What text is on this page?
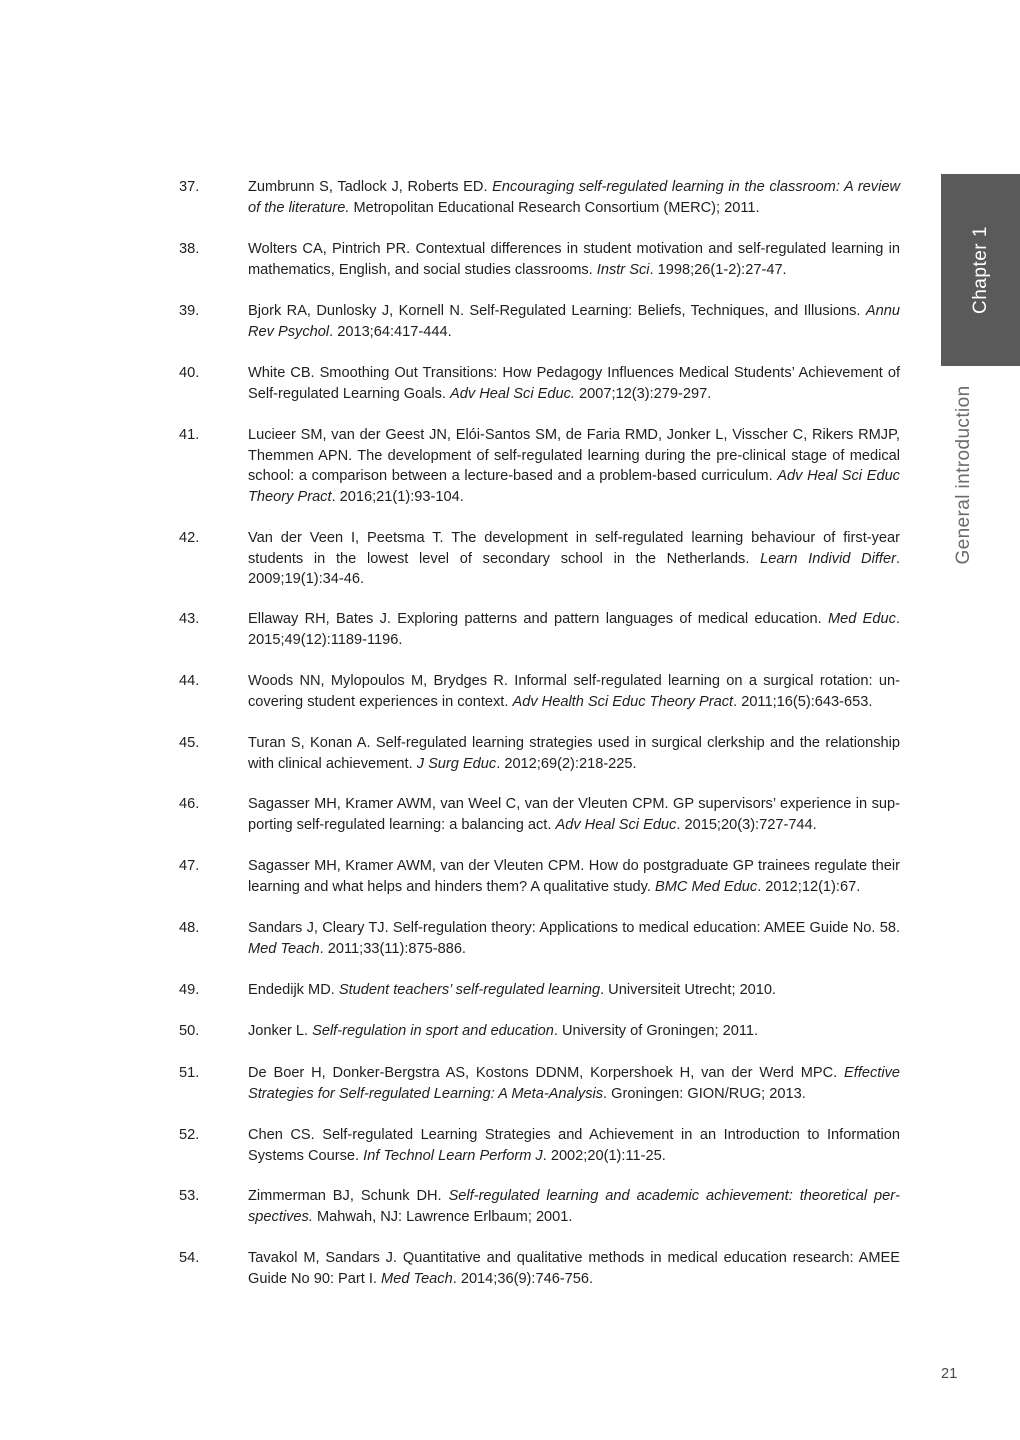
37.	Zumbrunn S, Tadlock J, Roberts ED. Encouraging self-regulated learning in the classroom: A review of the literature. Metropolitan Educational Research Consortium (MERC); 2011.
38.	Wolters CA, Pintrich PR. Contextual differences in student motivation and self-regulated learning in mathematics, English, and social studies classrooms. Instr Sci. 1998;26(1-2):27-47.
39.	Bjork RA, Dunlosky J, Kornell N. Self-Regulated Learning: Beliefs, Techniques, and Illusions. Annu Rev Psychol. 2013;64:417-444.
40.	White CB. Smoothing Out Transitions: How Pedagogy Influences Medical Students’ Achievement of Self-regulated Learning Goals. Adv Heal Sci Educ. 2007;12(3):279-297.
41.	Lucieer SM, van der Geest JN, Elói-Santos SM, de Faria RMD, Jonker L, Visscher C, Rikers RMJP, Themmen APN. The development of self-regulated learning during the pre-clinical stage of medical school: a comparison between a lecture-based and a problem-based curriculum. Adv Heal Sci Educ Theory Pract. 2016;21(1):93-104.
42.	Van der Veen I, Peetsma T. The development in self-regulated learning behaviour of first-year students in the lowest level of secondary school in the Netherlands. Learn Individ Differ. 2009;19(1):34-46.
43.	Ellaway RH, Bates J. Exploring patterns and pattern languages of medical education. Med Educ. 2015;49(12):1189-1196.
44.	Woods NN, Mylopoulos M, Brydges R. Informal self-regulated learning on a surgical rotation: uncovering student experiences in context. Adv Health Sci Educ Theory Pract. 2011;16(5):643-653.
45.	Turan S, Konan A. Self-regulated learning strategies used in surgical clerkship and the relationship with clinical achievement. J Surg Educ. 2012;69(2):218-225.
46.	Sagasser MH, Kramer AWM, van Weel C, van der Vleuten CPM. GP supervisors’ experience in supporting self-regulated learning: a balancing act. Adv Heal Sci Educ. 2015;20(3):727-744.
47.	Sagasser MH, Kramer AWM, van der Vleuten CPM. How do postgraduate GP trainees regulate their learning and what helps and hinders them? A qualitative study. BMC Med Educ. 2012;12(1):67.
48.	Sandars J, Cleary TJ. Self-regulation theory: Applications to medical education: AMEE Guide No. 58. Med Teach. 2011;33(11):875-886.
49.	Endedijk MD. Student teachers’ self-regulated learning. Universiteit Utrecht; 2010.
50.	Jonker L. Self-regulation in sport and education. University of Groningen; 2011.
51.	De Boer H, Donker-Bergstra AS, Kostons DDNM, Korpershoek H, van der Werd MPC. Effective Strategies for Self-regulated Learning: A Meta-Analysis. Groningen: GION/RUG; 2013.
52.	Chen CS. Self-regulated Learning Strategies and Achievement in an Introduction to Information Systems Course. Inf Technol Learn Perform J. 2002;20(1):11-25.
53.	Zimmerman BJ, Schunk DH. Self-regulated learning and academic achievement: theoretical perspectives. Mahwah, NJ: Lawrence Erlbaum; 2001.
54.	Tavakol M, Sandars J. Quantitative and qualitative methods in medical education research: AMEE Guide No 90: Part I. Med Teach. 2014;36(9):746-756.
Chapter 1
General introduction
21
